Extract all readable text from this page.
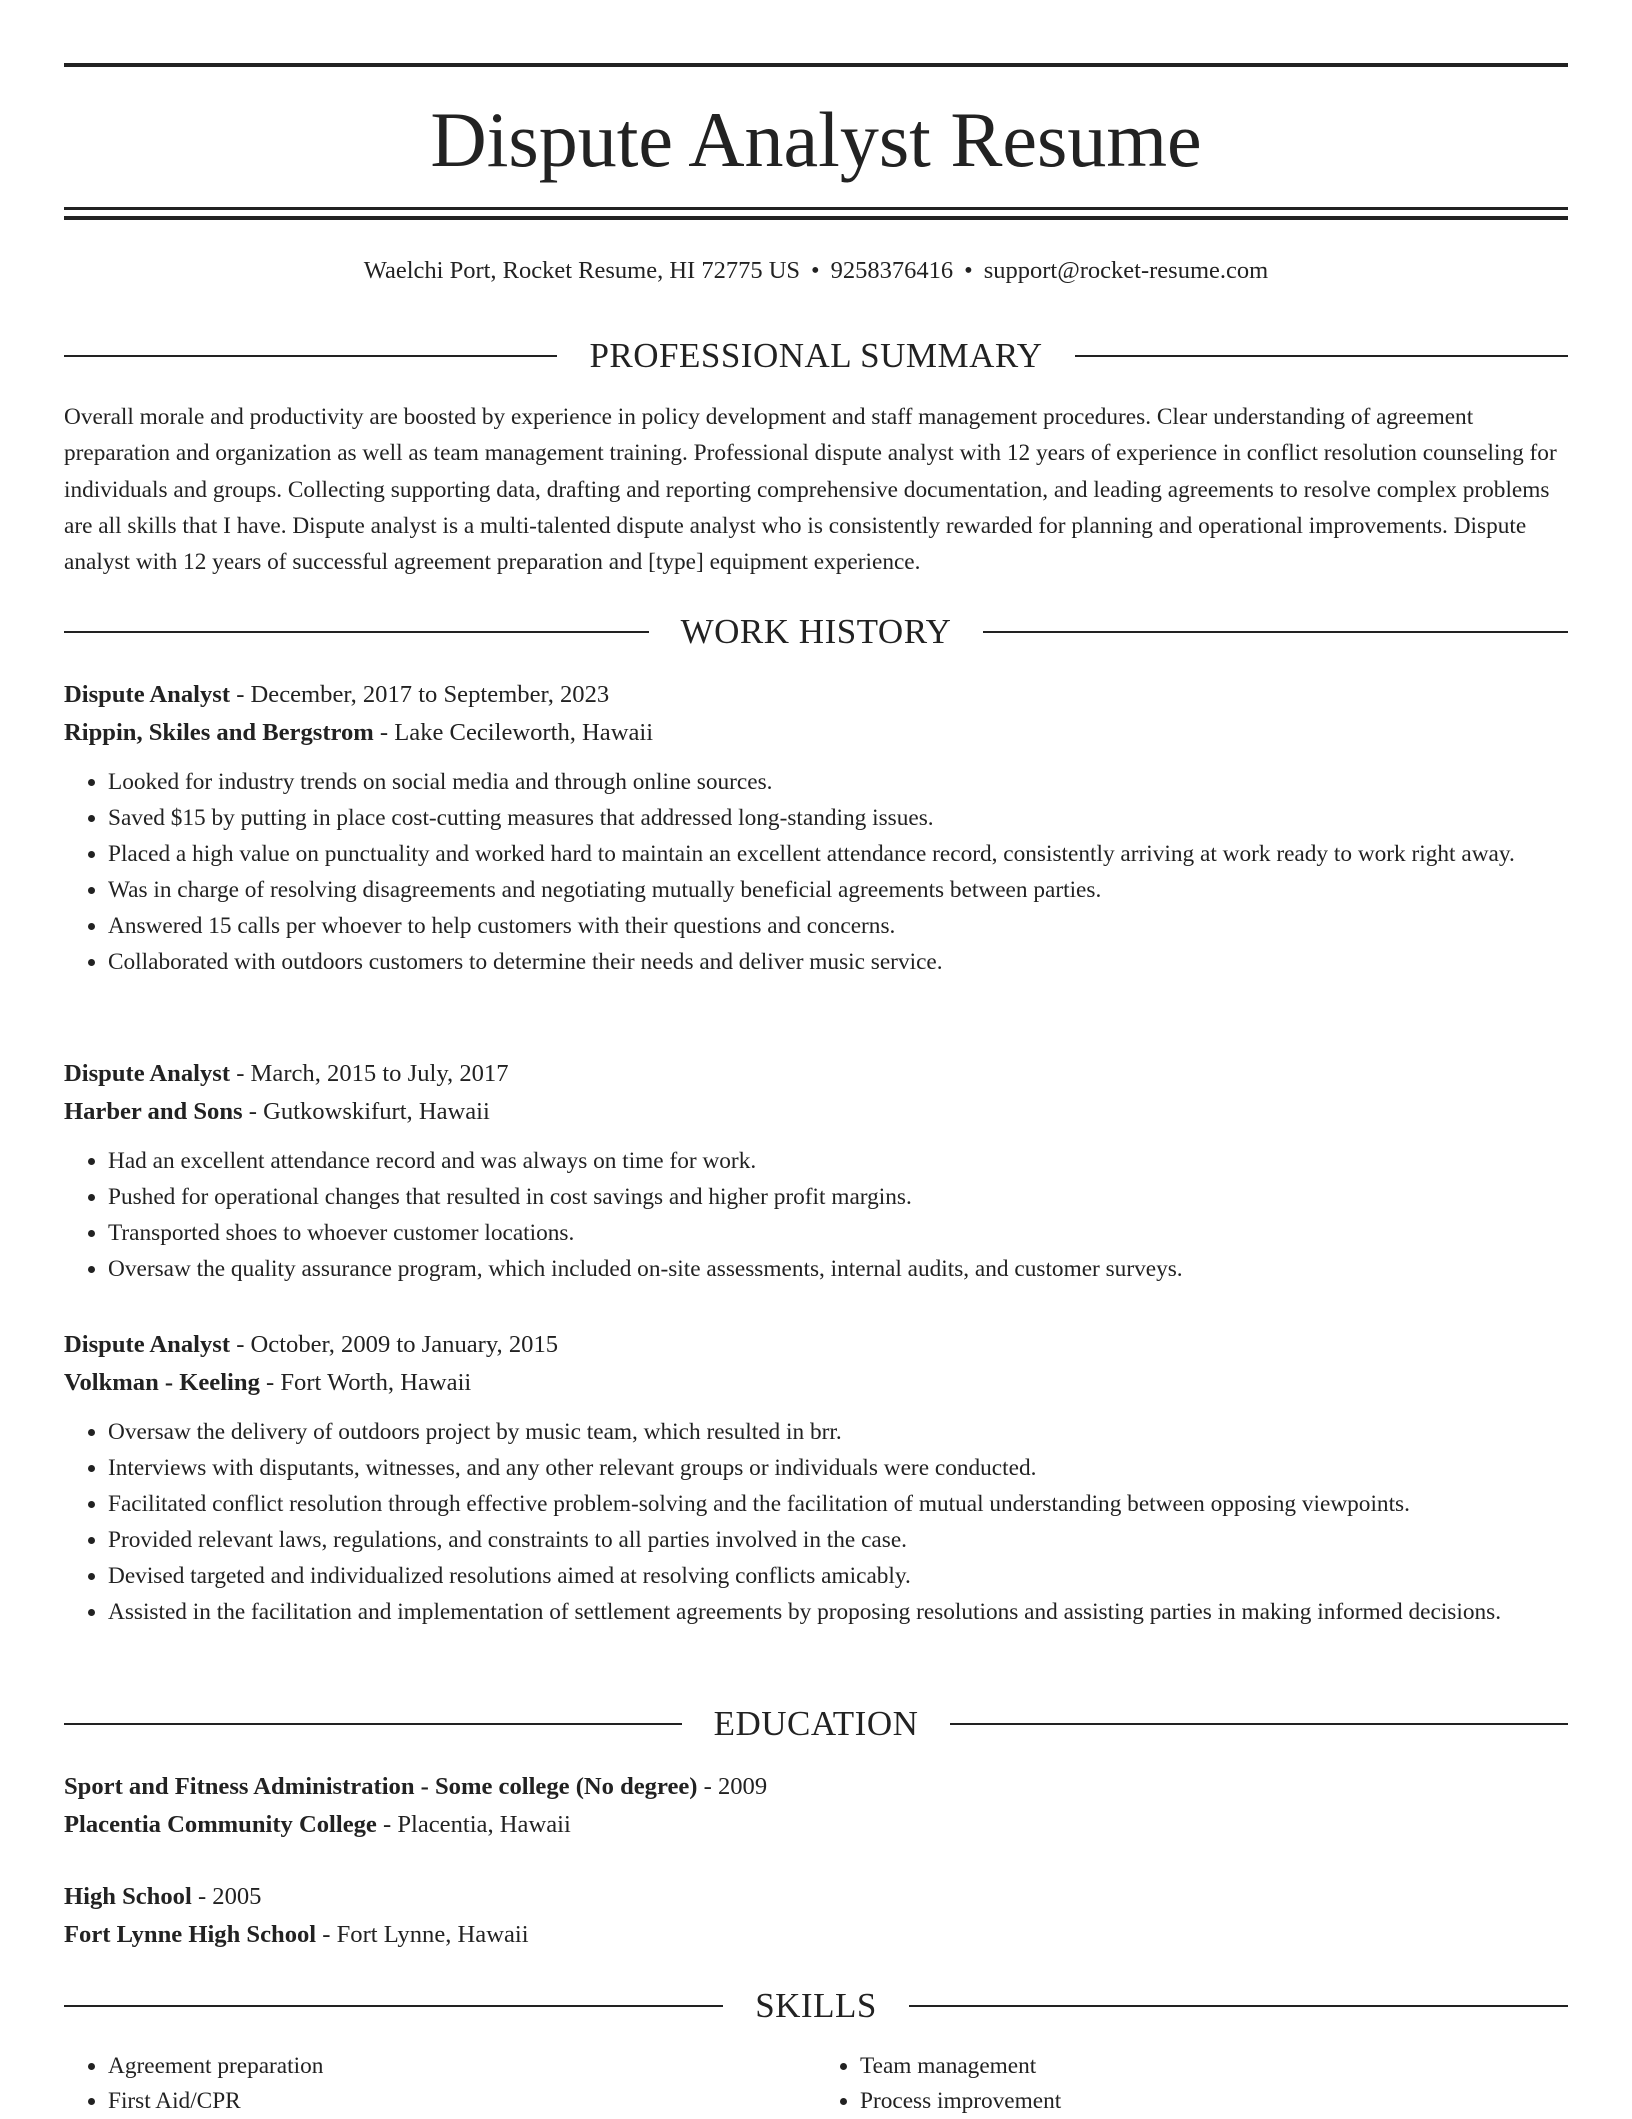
Dispute Analyst Resume
Waelchi Port, Rocket Resume, HI 72775 US • 9258376416 • support@rocket-resume.com
PROFESSIONAL SUMMARY

Overall morale and productivity are boosted by experience in policy development and staff management procedures. Clear understanding of agreement preparation and organization as well as team management training. Professional dispute analyst with 12 years of experience in conflict resolution counseling for individuals and groups. Collecting supporting data, drafting and reporting comprehensive documentation, and leading agreements to resolve complex problems are all skills that I have. Dispute analyst is a multi-talented dispute analyst who is consistently rewarded for planning and operational improvements. Dispute analyst with 12 years of successful agreement preparation and [type] equipment experience.

WORK HISTORY
Dispute Analyst - December, 2017 to September, 2023
Rippin, Skiles and Bergstrom - Lake Cecileworth, Hawaii
• Looked for industry trends on social media and through online sources.
• Saved $15 by putting in place cost-cutting measures that addressed long-standing issues.
• Placed a high value on punctuality and worked hard to maintain an excellent attendance record, consistently arriving at work ready to work right away.
• Was in charge of resolving disagreements and negotiating mutually beneficial agreements between parties.
• Answered 15 calls per whoever to help customers with their questions and concerns.
• Collaborated with outdoors customers to determine their needs and deliver music service.
Dispute Analyst - March, 2015 to July, 2017
Harber and Sons - Gutkowskifurt, Hawaii
• Had an excellent attendance record and was always on time for work.
• Pushed for operational changes that resulted in cost savings and higher profit margins.
• Transported shoes to whoever customer locations.
• Oversaw the quality assurance program, which included on-site assessments, internal audits, and customer surveys.
Dispute Analyst - October, 2009 to January, 2015
Volkman - Keeling - Fort Worth, Hawaii
• Oversaw the delivery of outdoors project by music team, which resulted in brr.
• Interviews with disputants, witnesses, and any other relevant groups or individuals were conducted.
• Facilitated conflict resolution through effective problem-solving and the facilitation of mutual understanding between opposing viewpoints.
• Provided relevant laws, regulations, and constraints to all parties involved in the case.
• Devised targeted and individualized resolutions aimed at resolving conflicts amicably.
• Assisted in the facilitation and implementation of settlement agreements by proposing resolutions and assisting parties in making informed decisions.
EDUCATION
Sport and Fitness Administration - Some college (No degree) - 2009
Placentia Community College - Placentia, Hawaii
High School - 2005
Fort Lynne High School - Fort Lynne, Hawaii
SKILLS
• Agreement preparation
• First Aid/CPR
• Team management
• Process improvement
